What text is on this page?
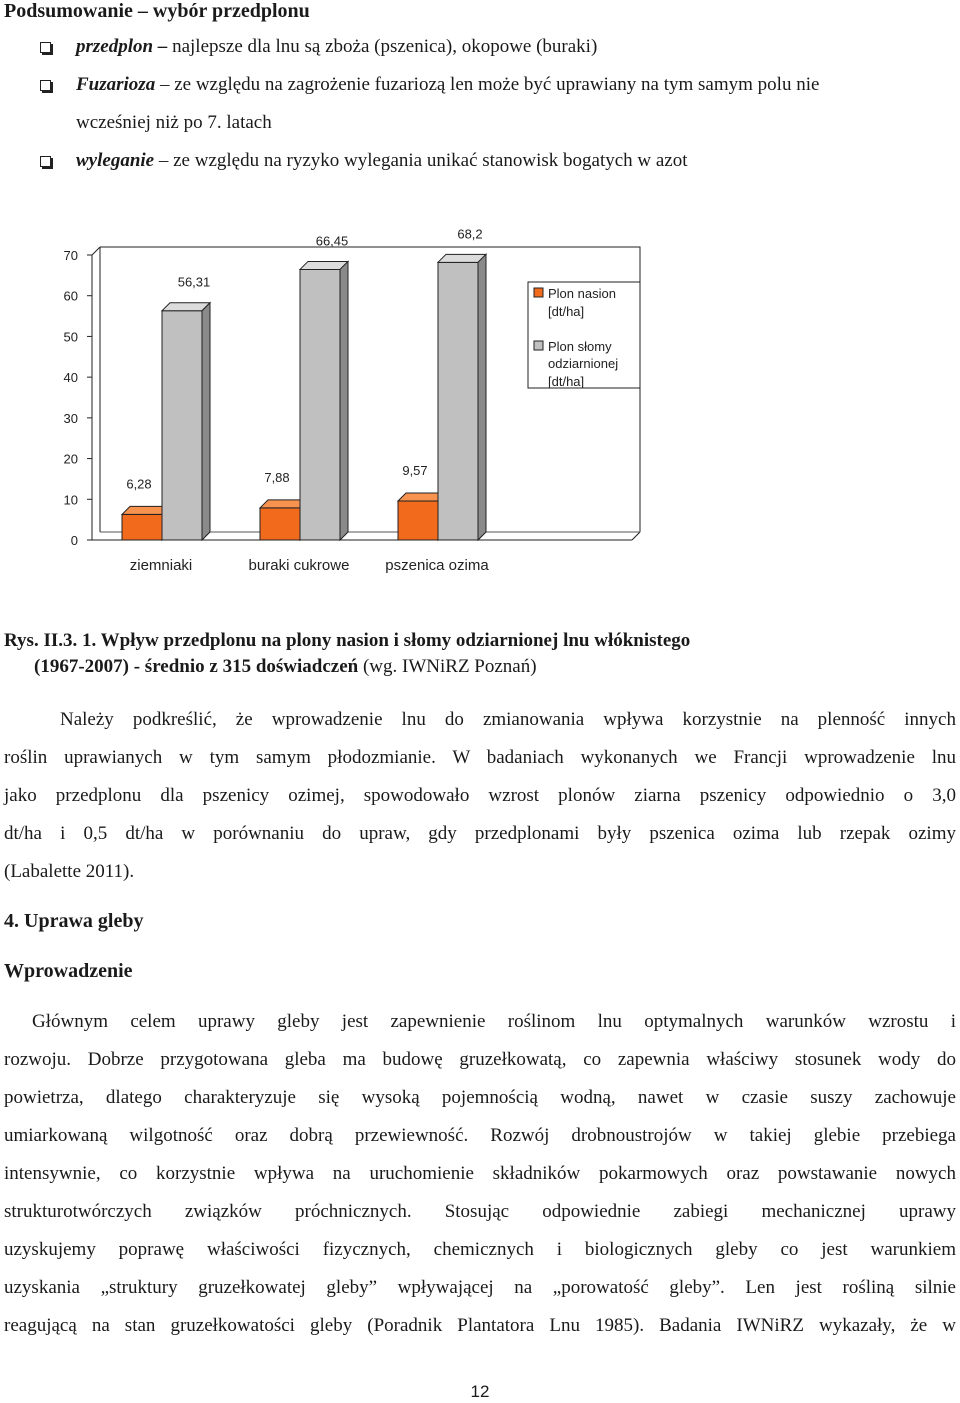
Podsumowanie – wybór przedplonu
przedplon – najlepsze dla lnu są zboża (pszenica), okopowe (buraki)
Fuzarioza – ze względu na zagrożenie fuzariozą len może być uprawiany na tym samym polu nie
wcześniej niż po 7. latach
wyleganie – ze względu na ryzyko wylegania unikać stanowisk bogatych w azot
0
10
20
30
40
50
60
70
6,28
56,31
ziemniaki
7,88
66,45
buraki cukrowe
9,57
68,2
pszenica ozima
Plon nasion
[dt/ha]
Plon słomy
odziarnionej
[dt/ha]
Rys. II.3. 1. Wpływ przedplonu na plony nasion i słomy odziarnionej lnu włóknistego
(1967-2007) - średnio z 315 doświadczeń (wg. IWNiRZ Poznań)
Należy podkreślić, że wprowadzenie lnu do zmianowania wpływa korzystnie na plenność innych
roślin uprawianych w tym samym płodozmianie. W badaniach wykonanych we Francji wprowadzenie lnu
jako przedplonu dla pszenicy ozimej, spowodowało wzrost plonów ziarna pszenicy odpowiednio o 3,0
dt/ha i 0,5 dt/ha w porównaniu do upraw, gdy przedplonami były pszenica ozima lub rzepak ozimy
(Labalette 2011).
4. Uprawa gleby
Wprowadzenie
Głównym celem uprawy gleby jest zapewnienie roślinom lnu optymalnych warunków wzrostu i
rozwoju. Dobrze przygotowana gleba ma budowę gruzełkowatą, co zapewnia właściwy stosunek wody do
powietrza, dlatego charakteryzuje się wysoką pojemnością wodną, nawet w czasie suszy zachowuje
umiarkowaną wilgotność oraz dobrą przewiewność. Rozwój drobnoustrojów w takiej glebie przebiega
intensywnie, co korzystnie wpływa na uruchomienie składników pokarmowych oraz powstawanie nowych
strukturotwórczych związków próchnicznych. Stosując odpowiednie zabiegi mechanicznej uprawy
uzyskujemy poprawę właściwości fizycznych, chemicznych i biologicznych gleby co jest warunkiem
uzyskania „struktury gruzełkowatej gleby” wpływającej na „porowatość gleby”. Len jest rośliną silnie
reagującą na stan gruzełkowatości gleby (Poradnik Plantatora Lnu 1985). Badania IWNiRZ wykazały, że w
12
